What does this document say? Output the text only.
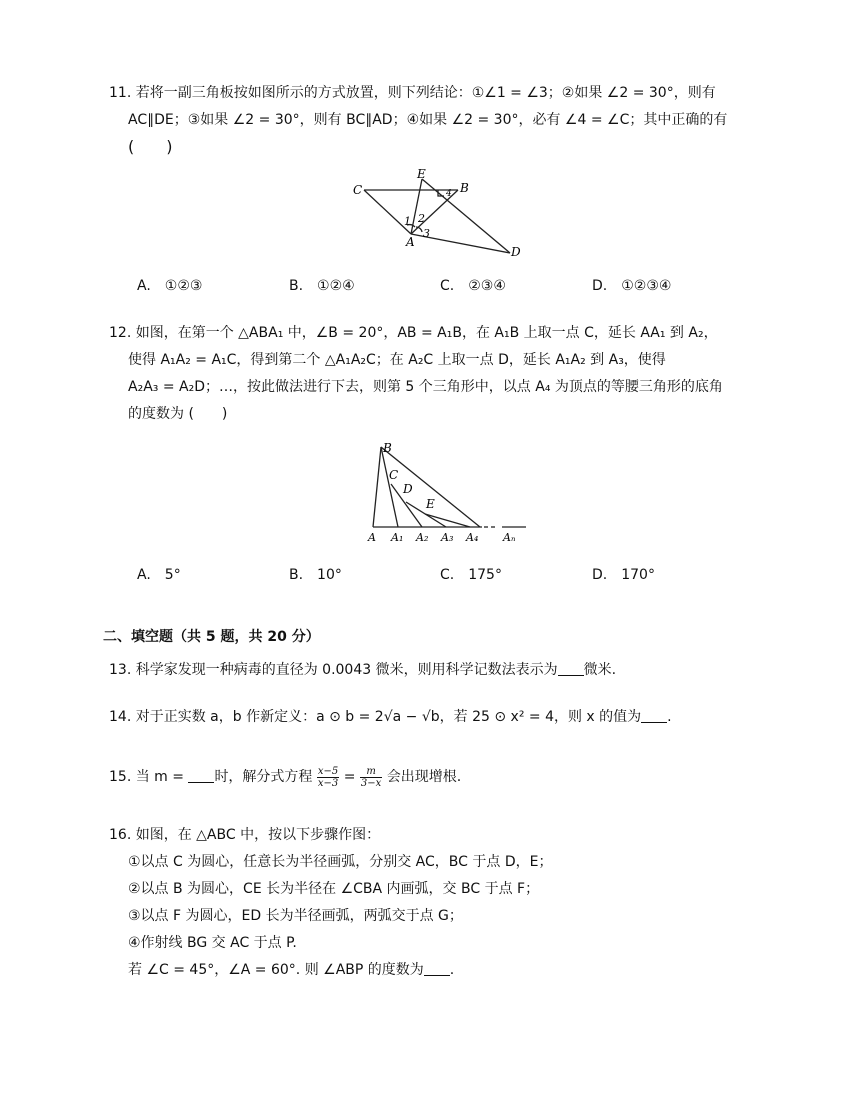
11. 若将一副三角板按如图所示的方式放置，则下列结论：①∠1 = ∠3；②如果 ∠2 = 30°，则有
AC∥DE；③如果 ∠2 = 30°，则有 BC∥AD；④如果 ∠2 = 30°，必有 ∠4 = ∠C；其中正确的有
(　　)
C
E
B
A
D
1 2
3
4
A.　①②③	B.　①②④	C.　②③④	D.　①②③④
12. 如图，在第一个 △ABA₁ 中，∠B = 20°，AB = A₁B，在 A₁B 上取一点 C，延长 AA₁ 到 A₂，
使得 A₁A₂ = A₁C，得到第二个 △A₁A₂C；在 A₂C 上取一点 D，延长 A₁A₂ 到 A₃，使得
A₂A₃ = A₂D；…，按此做法进行下去，则第 5 个三角形中，以点 A₄ 为顶点的等腰三角形的底角
的度数为 (　　)
B
C
D
E
A A₁ A₂ A₃ A₄ Aₙ
A.　5°	B.　10°	C.　175°	D.　170°
二、填空题（共 5 题，共 20 分）
13. 科学家发现一种病毒的直径为 0.0043 微米，则用科学记数法表示为 微米.
14. 对于正实数 a，b 作新定义：a ⊙ b = 2√a − √b，若 25 ⊙ x² = 4，则 x 的值为 .
15. 当 m = 时，解分式方程 $\frac{x-5}{x-3} = \frac{m}{3-x}$ 会出现增根.
16. 如图，在 △ABC 中，按以下步骤作图：
①以点 C 为圆心，任意长为半径画弧，分别交 AC，BC 于点 D，E；
②以点 B 为圆心，CE 长为半径在 ∠CBA 内画弧，交 BC 于点 F；
③以点 F 为圆心，ED 长为半径画弧，两弧交于点 G；
④作射线 BG 交 AC 于点 P.
若 ∠C = 45°，∠A = 60°. 则 ∠ABP 的度数为 .
